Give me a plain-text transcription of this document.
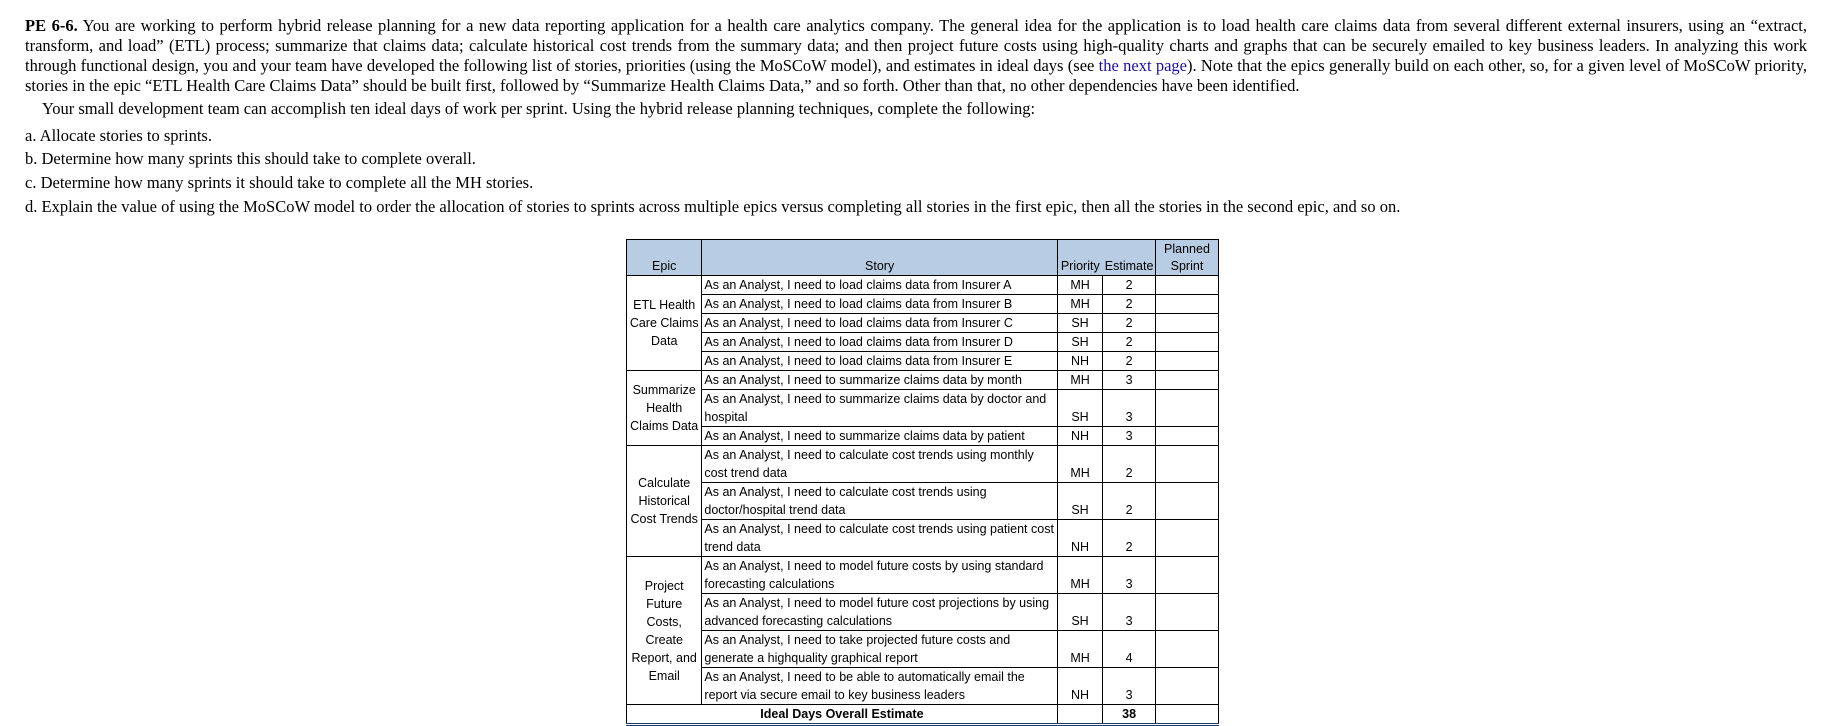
PE 6-6. You are working to perform hybrid release planning for a new data reporting application for a health care analytics company. The general idea for the application is to load health care claims data from several different external insurers, using an “extract, transform, and load” (ETL) process; summarize that claims data; calculate historical cost trends from the summary data; and then project future costs using high-quality charts and graphs that can be securely emailed to key business leaders. In analyzing this work through functional design, you and your team have developed the following list of stories, priorities (using the MoSCoW model), and estimates in ideal days (see the next page). Note that the epics generally build on each other, so, for a given level of MoSCoW priority, stories in the epic “ETL Health Care Claims Data” should be built first, followed by “Summarize Health Claims Data,” and so forth. Other than that, no other dependencies have been identified.
Your small development team can accomplish ten ideal days of work per sprint. Using the hybrid release planning techniques, complete the following:
a. Allocate stories to sprints.
b. Determine how many sprints this should take to complete overall.
c. Determine how many sprints it should take to complete all the MH stories.
d. Explain the value of using the MoSCoW model to order the allocation of stories to sprints across multiple epics versus completing all stories in the first epic, then all the stories in the second epic, and so on.
Epic	Story	Priority	Estimate	Planned
Sprint
ETL Health Care Claims Data	As an Analyst, I need to load claims data from Insurer A	MH	2	
	As an Analyst, I need to load claims data from Insurer B	MH	2	
	As an Analyst, I need to load claims data from Insurer C	SH	2	
	As an Analyst, I need to load claims data from Insurer D	SH	2	
	As an Analyst, I need to load claims data from Insurer E	NH	2	
Summarize Health Claims Data	As an Analyst, I need to summarize claims data by month	MH	3	
	As an Analyst, I need to summarize claims data by doctor and hospital	SH	3	
	As an Analyst, I need to summarize claims data by patient	NH	3	
Calculate Historical Cost Trends	As an Analyst, I need to calculate cost trends using monthly cost trend data	MH	2	
	As an Analyst, I need to calculate cost trends using doctor/hospital trend data	SH	2	
	As an Analyst, I need to calculate cost trends using patient cost trend data	NH	2	
Project Future Costs, Create Report, and Email	As an Analyst, I need to model future costs by using standard forecasting calculations	MH	3	
	As an Analyst, I need to model future cost projections by using advanced forecasting calculations	SH	3	
	As an Analyst, I need to take projected future costs and generate a highquality graphical report	MH	4	
	As an Analyst, I need to be able to automatically email the report via secure email to key business leaders	NH	3	
Ideal Days Overall Estimate			38	
